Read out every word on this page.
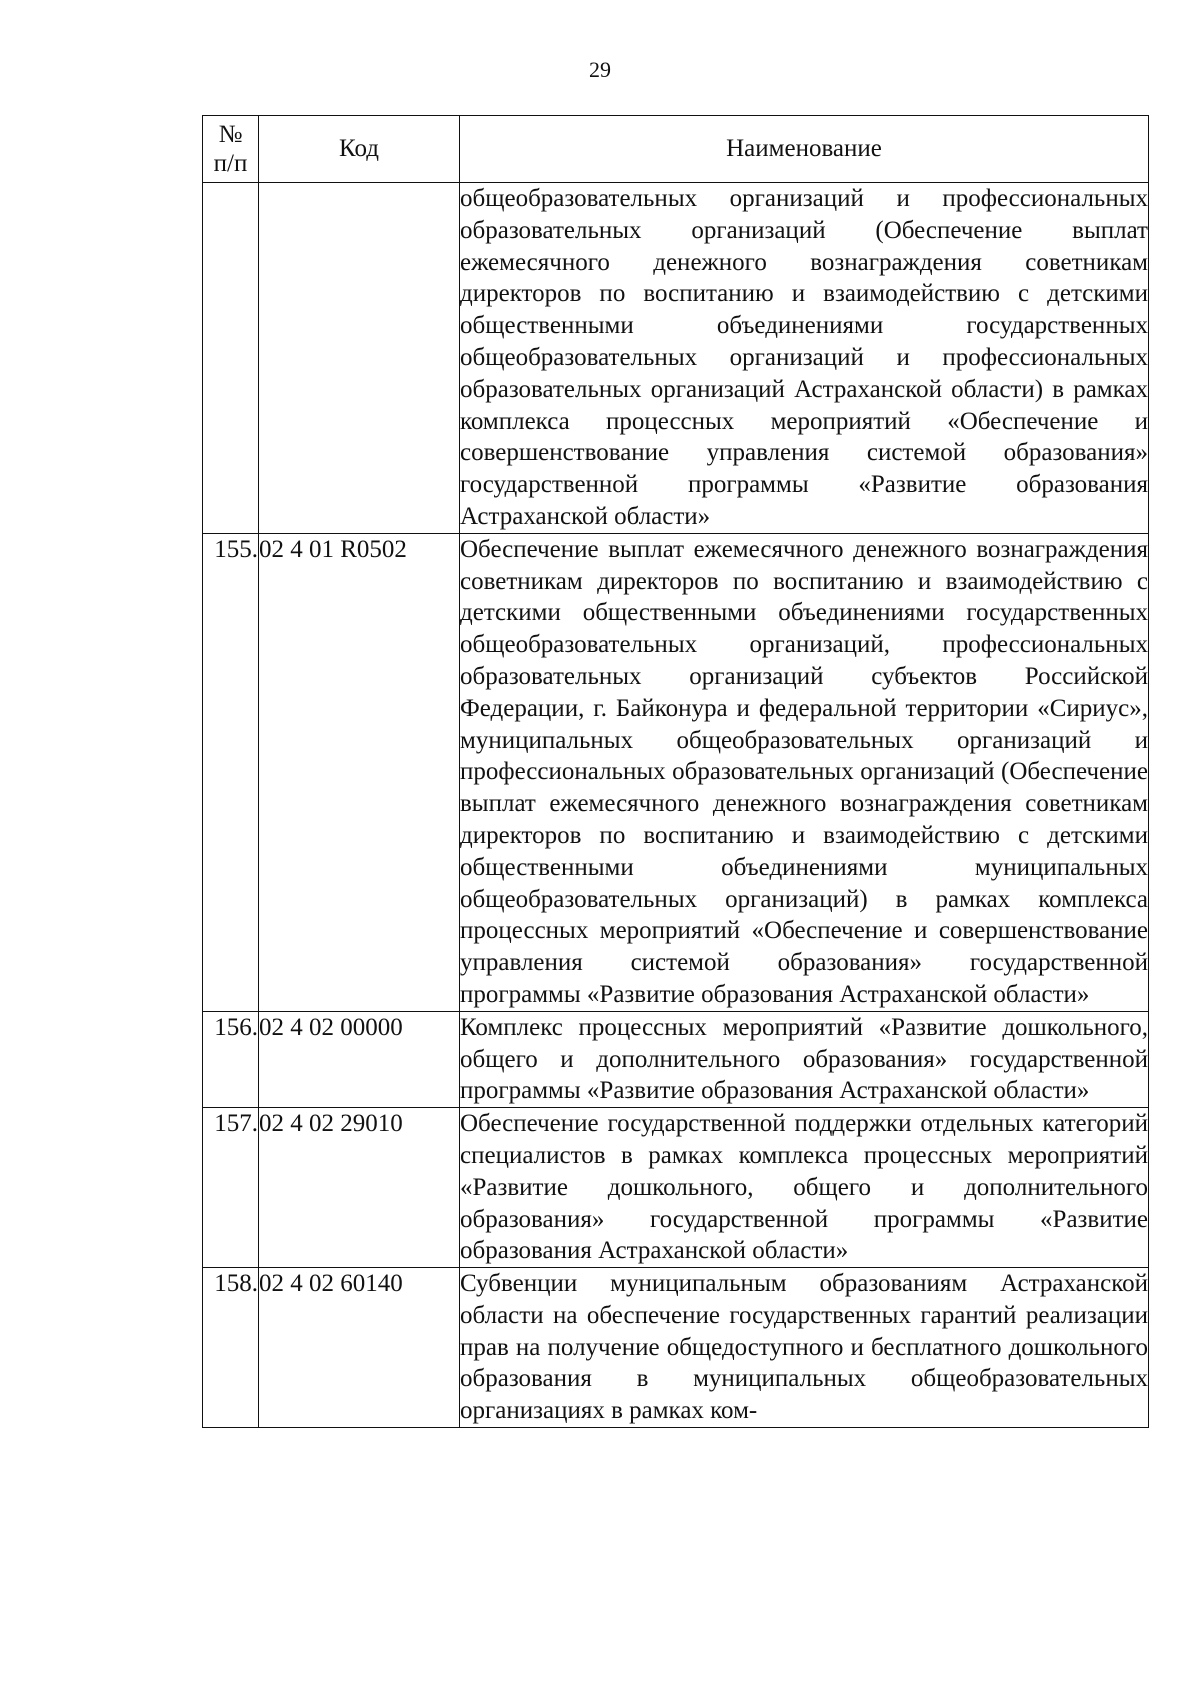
29
№
п/п	Код	Наименование
		общеобразовательных организаций и профессиональных образовательных организаций (Обеспечение выплат ежемесячного денежного вознаграждения советникам директоров по воспитанию и взаимодействию с детскими общественными объединениями государственных общеобразовательных организаций и профессиональных образовательных организаций Астраханской области) в рамках комплекса процессных мероприятий «Обеспечение и совершенствование управления системой образования» государственной программы «Развитие образования Астраханской области»
155.	02 4 01 R0502	Обеспечение выплат ежемесячного денежного вознаграждения советникам директоров по воспитанию и взаимодействию с детскими общественными объединениями государственных общеобразовательных организаций, профессиональных образовательных организаций субъектов Российской Федерации, г. Байконура и федеральной территории «Сириус», муниципальных общеобразовательных организаций и профессиональных образовательных организаций (Обеспечение выплат ежемесячного денежного вознаграждения советникам директоров по воспитанию и взаимодействию с детскими общественными объединениями муниципальных общеобразовательных организаций) в рамках комплекса процессных мероприятий «Обеспечение и совершенствование управления системой образования» государственной программы «Развитие образования Астраханской области»
156.	02 4 02 00000	Комплекс процессных мероприятий «Развитие дошкольного, общего и дополнительного образования» государственной программы «Развитие образования Астраханской области»
157.	02 4 02 29010	Обеспечение государственной поддержки отдельных категорий специалистов в рамках комплекса процессных мероприятий «Развитие дошкольного, общего и дополнительного образования» государственной программы «Развитие образования Астраханской области»
158.	02 4 02 60140	Субвенции муниципальным образованиям Астраханской области на обеспечение государственных гарантий реализации прав на получение общедоступного и бесплатного дошкольного образования в муниципальных общеобразовательных организациях в рамках ком-
